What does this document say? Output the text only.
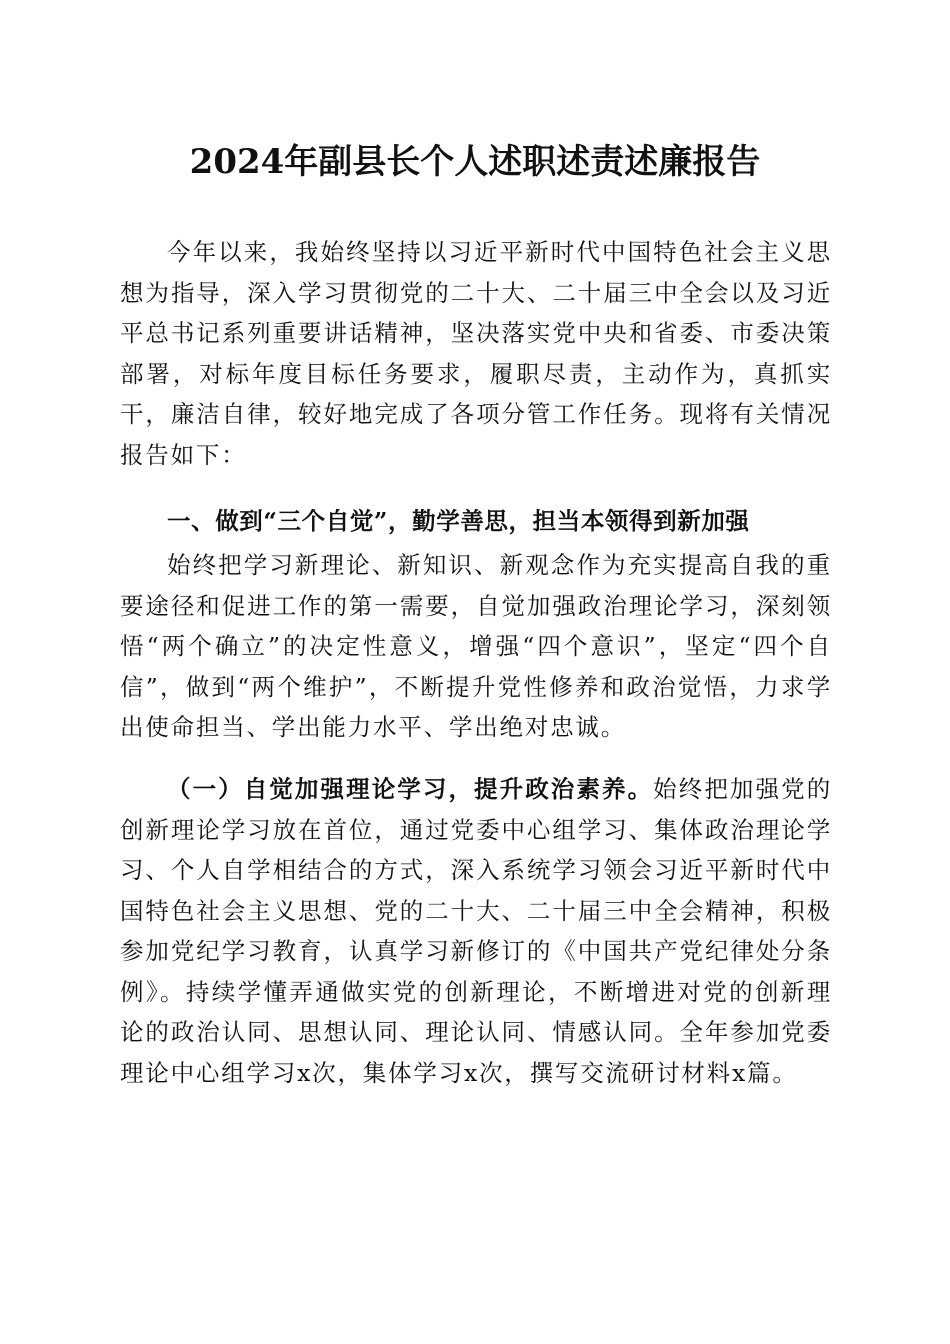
2024年副县长个人述职述责述廉报告

今年以来，我始终坚持以习近平新时代中国特色社会主义思想为指导，深入学习贯彻党的二十大、二十届三中全会以及习近平总书记系列重要讲话精神，坚决落实党中央和省委、市委决策部署，对标年度目标任务要求，履职尽责，主动作为，真抓实干，廉洁自律，较好地完成了各项分管工作任务。现将有关情况报告如下：

一、做到“三个自觉”，勤学善思，担当本领得到新加强

始终把学习新理论、新知识、新观念作为充实提高自我的重要途径和促进工作的第一需要，自觉加强政治理论学习，深刻领悟“两个确立”的决定性意义，增强“四个意识”，坚定“四个自信”，做到“两个维护”，不断提升党性修养和政治觉悟，力求学出使命担当、学出能力水平、学出绝对忠诚。

（一）自觉加强理论学习，提升政治素养。始终把加强党的创新理论学习放在首位，通过党委中心组学习、集体政治理论学习、个人自学相结合的方式，深入系统学习领会习近平新时代中国特色社会主义思想、党的二十大、二十届三中全会精神，积极参加党纪学习教育，认真学习新修订的《中国共产党纪律处分条例》。持续学懂弄通做实党的创新理论，不断增进对党的创新理论的政治认同、思想认同、理论认同、情感认同。全年参加党委理论中心组学习x次，集体学习x次，撰写交流研讨材料x篇。
